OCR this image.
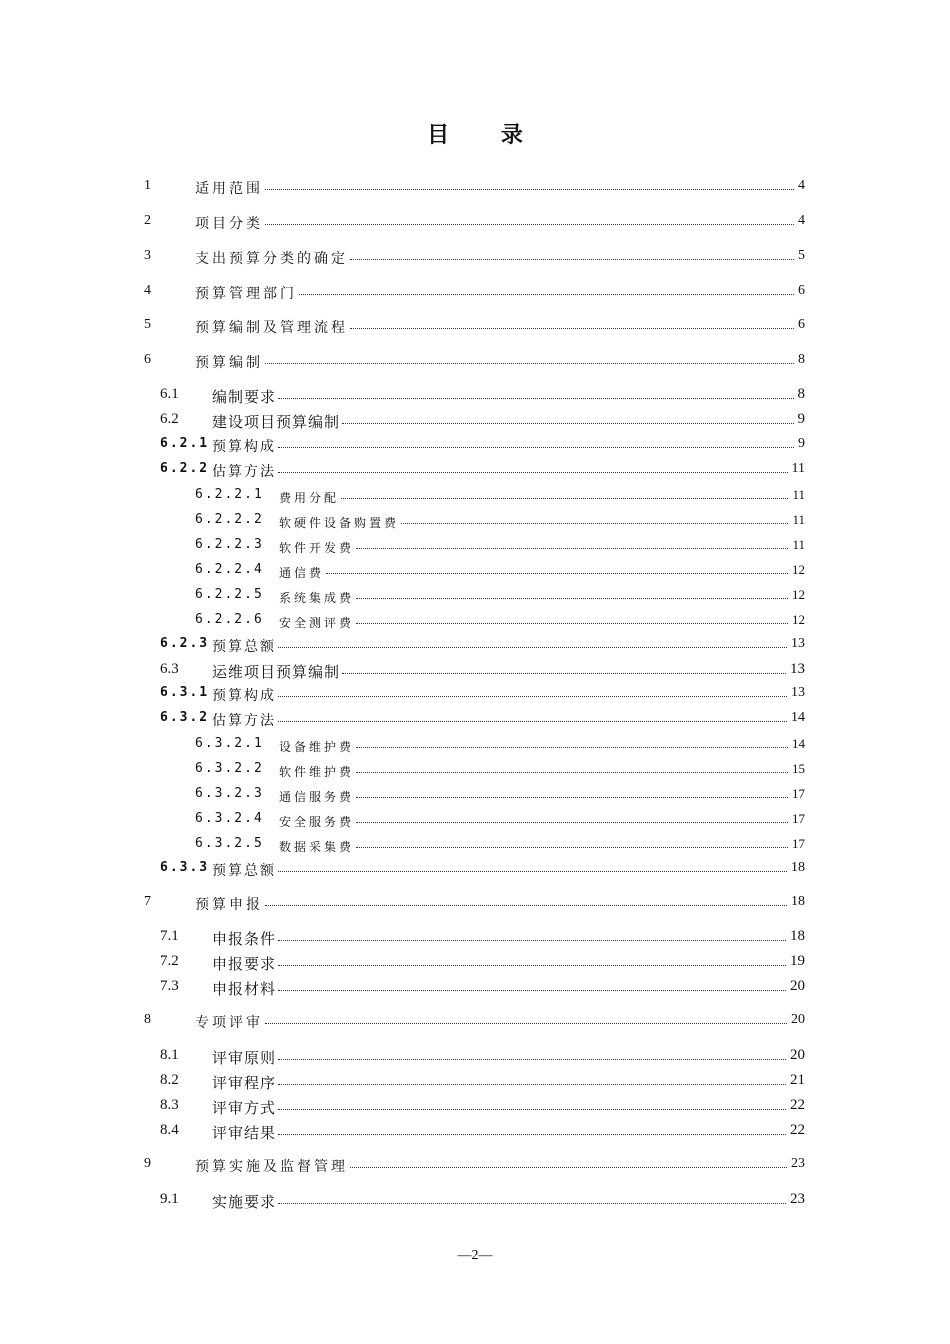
目 录
1	适用范围	4
2	项目分类	4
3	支出预算分类的确定	5
4	预算管理部门	6
5	预算编制及管理流程	6
6	预算编制	8
6.1 编制要求	8
6.2 建设项目预算编制	9
6.2.1 预算构成	9
6.2.2 估算方法	11
6.2.2.1 费用分配	11
6.2.2.2 软硬件设备购置费	11
6.2.2.3 软件开发费	11
6.2.2.4 通信费	12
6.2.2.5 系统集成费	12
6.2.2.6 安全测评费	12
6.2.3 预算总额	13
6.3 运维项目预算编制	13
6.3.1 预算构成	13
6.3.2 估算方法	14
6.3.2.1 设备维护费	14
6.3.2.2 软件维护费	15
6.3.2.3 通信服务费	17
6.3.2.4 安全服务费	17
6.3.2.5 数据采集费	17
6.3.3 预算总额	18
7	预算申报	18
7.1 申报条件	18
7.2 申报要求	19
7.3 申报材料	20
8	专项评审	20
8.1 评审原则	20
8.2 评审程序	21
8.3 评审方式	22
8.4 评审结果	22
9	预算实施及监督管理	23
9.1 实施要求	23
—2—
